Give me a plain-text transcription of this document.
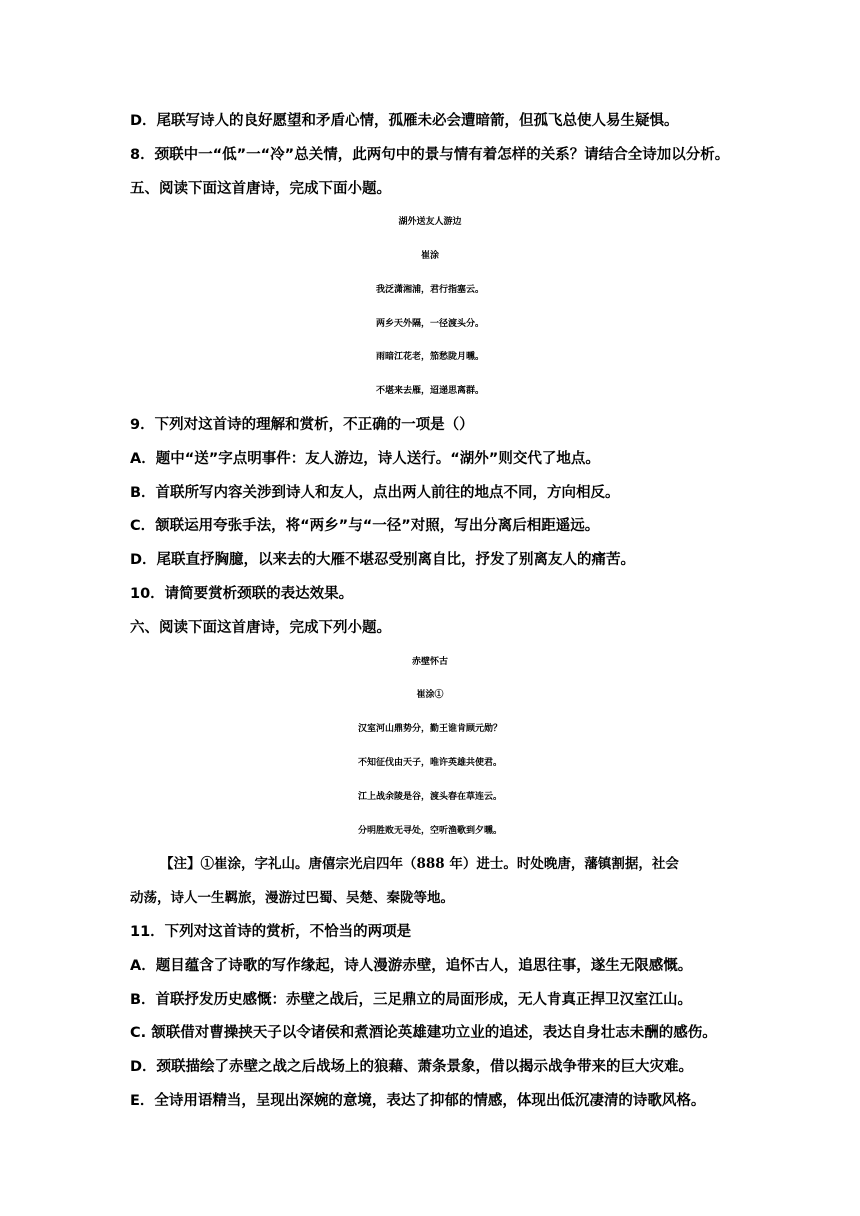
D．尾联写诗人的良好愿望和矛盾心情，孤雁未必会遭暗箭，但孤飞总使人易生疑惧。
8．颈联中一“低”一“冷”总关情，此两句中的景与情有着怎样的关系？请结合全诗加以分析。
五、阅读下面这首唐诗，完成下面小题。
湖外送友人游边
崔涂
我泛潇湘浦，君行指塞云。
两乡天外隔，一径渡头分。
雨暗江花老，笳愁陇月曛。
不堪来去雁，迢递思离群。
9．下列对这首诗的理解和赏析，不正确的一项是（）
A．题中“送”字点明事件：友人游边，诗人送行。“湖外”则交代了地点。
B．首联所写内容关涉到诗人和友人，点出两人前往的地点不同，方向相反。
C．颔联运用夸张手法，将“两乡”与“一径”对照，写出分离后相距遥远。
D．尾联直抒胸臆，以来去的大雁不堪忍受别离自比，抒发了别离友人的痛苦。
10．请简要赏析颈联的表达效果。
六、阅读下面这首唐诗，完成下列小题。
赤壁怀古
崔涂①
汉室河山鼎势分，勤王谁肯顾元勋？
不知征伐由天子，唯许英雄共使君。
江上战余陵是谷，渡头春在草连云。
分明胜败无寻处，空听渔歌到夕曛。
【注】①崔涂，字礼山。唐僖宗光启四年（888 年）进士。时处晚唐，藩镇割据，社会
动荡，诗人一生羁旅，漫游过巴蜀、吴楚、秦陇等地。
11．下列对这首诗的赏析，不恰当的两项是
A．题目蕴含了诗歌的写作缘起，诗人漫游赤壁，追怀古人，追思往事，遂生无限感慨。
B．首联抒发历史感慨：赤壁之战后，三足鼎立的局面形成，无人肯真正捍卫汉室江山。
C. 颔联借对曹操挟天子以令诸侯和煮酒论英雄建功立业的追述，表达自身壮志未酬的感伤。
D．颈联描绘了赤壁之战之后战场上的狼藉、萧条景象，借以揭示战争带来的巨大灾难。
E．全诗用语精当，呈现出深婉的意境，表达了抑郁的情感，体现出低沉凄清的诗歌风格。
